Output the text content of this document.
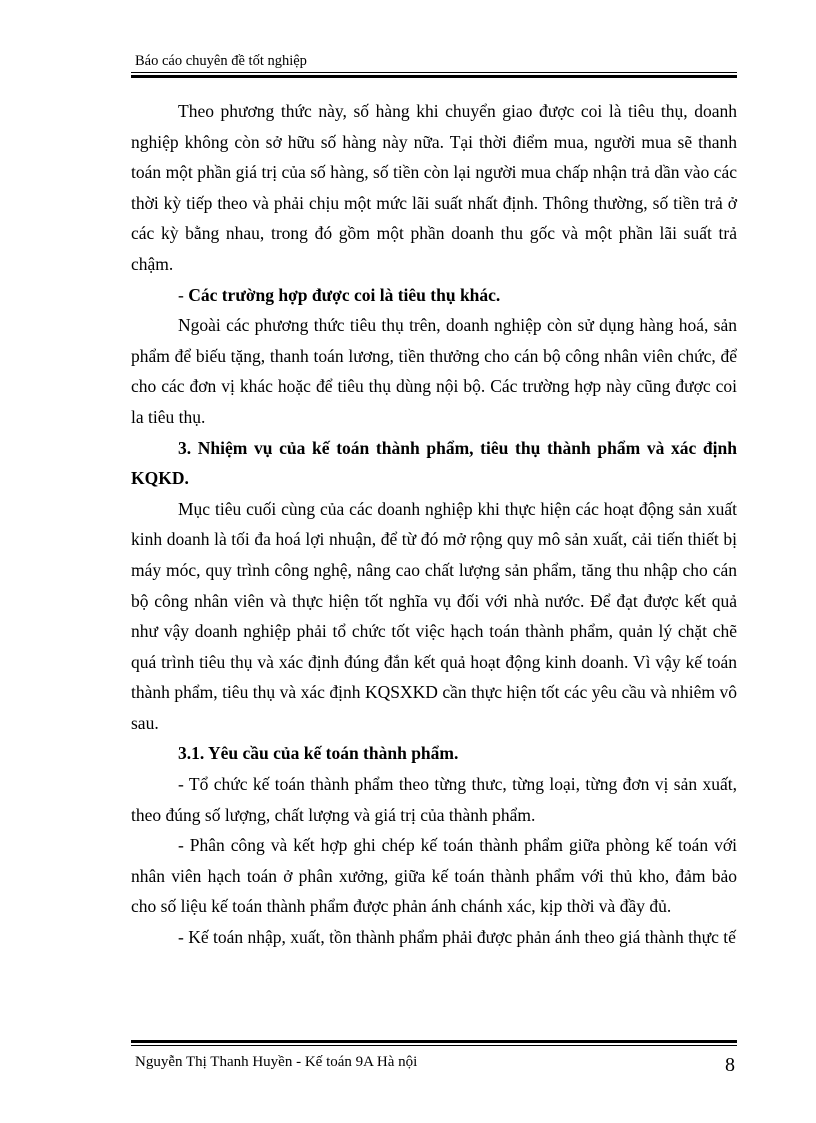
Báo cáo chuyên đề tốt nghiệp

Theo phương thức này, số hàng khi chuyển giao được coi là tiêu thụ, doanh nghiệp không còn sở hữu số hàng này nữa. Tại thời điểm mua, người mua sẽ thanh toán một phần giá trị của số hàng, số tiền còn lại người mua chấp nhận trả dần vào các thời kỳ tiếp theo và phải chịu một mức lãi suất nhất định. Thông thường, số tiền trả ở các kỳ bằng nhau, trong đó gồm một phần doanh thu gốc và một phần lãi suất trả chậm.

- Các trường hợp được coi là tiêu thụ khác.

Ngoài các phương thức tiêu thụ trên, doanh nghiệp còn sử dụng hàng hoá, sản phẩm để biếu tặng, thanh toán lương, tiền thưởng cho cán bộ công nhân viên chức, để cho các đơn vị khác hoặc để tiêu thụ dùng nội bộ. Các trường hợp này cũng được coi la tiêu thụ.

3. Nhiệm vụ của kế toán thành phẩm, tiêu thụ thành phẩm và xác định KQKD.

Mục tiêu cuối cùng của các doanh nghiệp khi thực hiện các hoạt động sản xuất kinh doanh là tối đa hoá lợi nhuận, để từ đó mở rộng quy mô sản xuất, cải tiến thiết bị máy móc, quy trình công nghệ, nâng cao chất lượng sản phẩm, tăng thu nhập cho cán bộ công nhân viên và thực hiện tốt nghĩa vụ đối với nhà nước. Để đạt được kết quả như vậy doanh nghiệp phải tổ chức tốt việc hạch toán thành phẩm, quản lý chặt chẽ quá trình tiêu thụ và xác định đúng đắn kết quả hoạt động kinh doanh. Vì vậy kế toán thành phẩm, tiêu thụ và xác định KQSXKD cần thực hiện tốt các yêu cầu và nhiêm vô sau.

3.1. Yêu cầu của kế toán thành phẩm.

- Tổ chức kế toán thành phẩm theo từng thưc, từng loại, từng đơn vị sản xuất, theo đúng số lượng, chất lượng và giá trị của thành phẩm.

- Phân công và kết hợp ghi chép kế toán thành phẩm giữa phòng kế toán với nhân viên hạch toán ở phân xưởng, giữa kế toán thành phẩm với thủ kho, đảm bảo cho số liệu kế toán thành phẩm được phản ánh chánh xác, kịp thời và đầy đủ.

- Kế toán nhập, xuất, tồn thành phẩm phải được phản ánh theo giá thành thực tế

Nguyễn Thị Thanh Huyền - Kế toán 9A Hà nội	8
